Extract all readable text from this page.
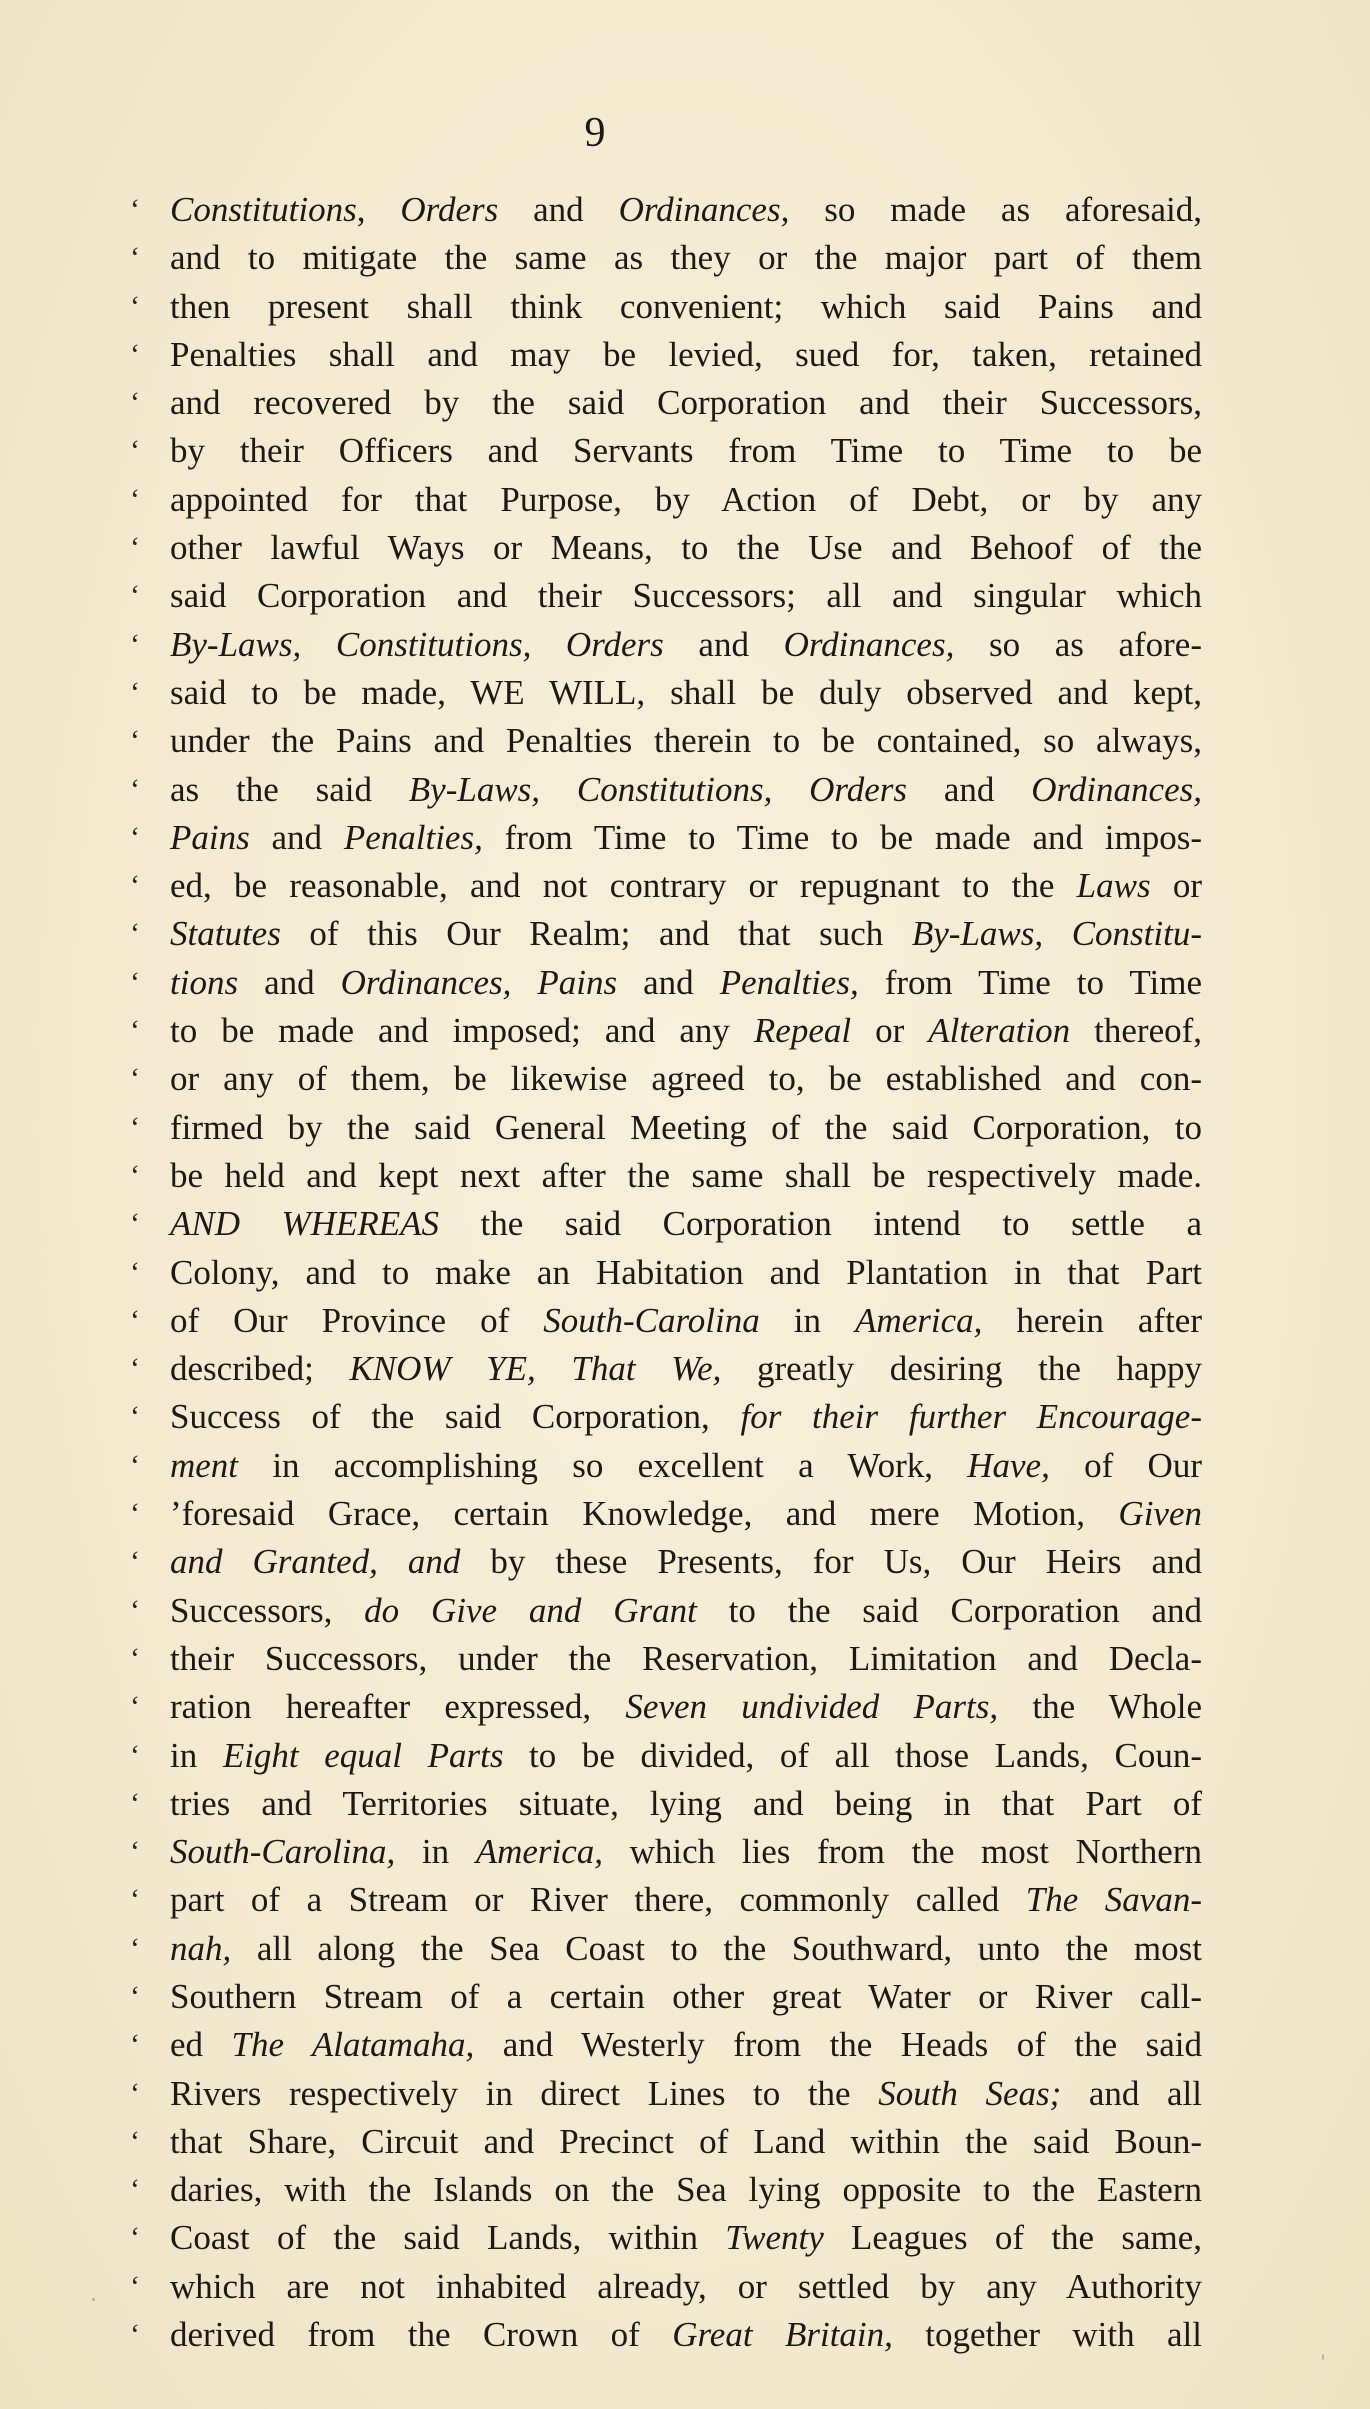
9
‘ Constitutions, Orders and Ordinances, so made as aforesaid,
‘ and to mitigate the same as they or the major part of them
‘ then present shall think convenient; which said Pains and
‘ Penalties shall and may be levied, sued for, taken, retained
‘ and recovered by the said Corporation and their Successors,
‘ by their Officers and Servants from Time to Time to be
‘ appointed for that Purpose, by Action of Debt, or by any
‘ other lawful Ways or Means, to the Use and Behoof of the
‘ said Corporation and their Successors; all and singular which
‘ By-Laws, Constitutions, Orders and Ordinances, so as afore-
‘ said to be made, WE WILL, shall be duly observed and kept,
‘ under the Pains and Penalties therein to be contained, so always,
‘ as the said By-Laws, Constitutions, Orders and Ordinances,
‘ Pains and Penalties, from Time to Time to be made and impos-
‘ ed, be reasonable, and not contrary or repugnant to the Laws or
‘ Statutes of this Our Realm; and that such By-Laws, Constitu-
‘ tions and Ordinances, Pains and Penalties, from Time to Time
‘ to be made and imposed; and any Repeal or Alteration thereof,
‘ or any of them, be likewise agreed to, be established and con-
‘ firmed by the said General Meeting of the said Corporation, to
‘ be held and kept next after the same shall be respectively made.
‘ AND WHEREAS the said Corporation intend to settle a
‘ Colony, and to make an Habitation and Plantation in that Part
‘ of Our Province of South-Carolina in America, herein after
‘ described; KNOW YE, That We, greatly desiring the happy
‘ Success of the said Corporation, for their further Encourage-
‘ ment in accomplishing so excellent a Work, Have, of Our
‘ ’foresaid Grace, certain Knowledge, and mere Motion, Given
‘ and Granted, and by these Presents, for Us, Our Heirs and
‘ Successors, do Give and Grant to the said Corporation and
‘ their Successors, under the Reservation, Limitation and Decla-
‘ ration hereafter expressed, Seven undivided Parts, the Whole
‘ in Eight equal Parts to be divided, of all those Lands, Coun-
‘ tries and Territories situate, lying and being in that Part of
‘ South-Carolina, in America, which lies from the most Northern
‘ part of a Stream or River there, commonly called The Savan-
‘ nah, all along the Sea Coast to the Southward, unto the most
‘ Southern Stream of a certain other great Water or River call-
‘ ed The Alatamaha, and Westerly from the Heads of the said
‘ Rivers respectively in direct Lines to the South Seas; and all
‘ that Share, Circuit and Precinct of Land within the said Boun-
‘ daries, with the Islands on the Sea lying opposite to the Eastern
‘ Coast of the said Lands, within Twenty Leagues of the same,
‘ which are not inhabited already, or settled by any Authority
‘ derived from the Crown of Great Britain, together with all
